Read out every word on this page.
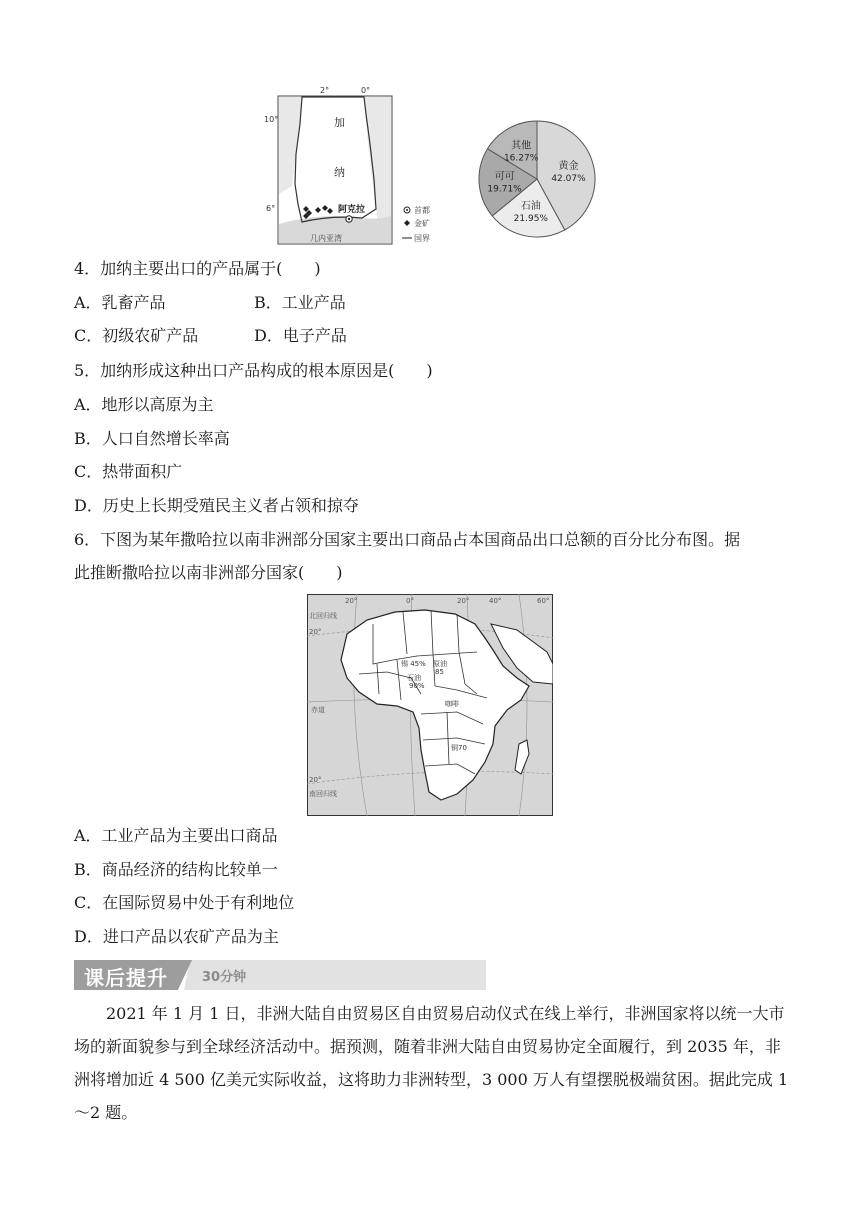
2°	0°
10°
6°
加
纳
阿克拉
几内亚湾
首都
金矿
国界
黄金
42.07%
石油
21.95%
可可
19.71%
其他
16.27%
4．加纳主要出口的产品属于(　　)
A．乳畜产品	B．工业产品
C．初级农矿产品	D．电子产品
5．加纳形成这种出口产品构成的根本原因是(　　)
A．地形以高原为主
B．人口自然增长率高
C．热带面积广
D．历史上长期受殖民主义者占领和掠夺
6．下图为某年撒哈拉以南非洲部分国家主要出口商品占本国商品出口总额的百分比分布图。据
此推断撒哈拉以南非洲部分国家(　　)
20°	0°	20°	40°	60°
北回归线
20°
赤道
20°
南回归线
锡 45% 原油
85
石油
90%
咖啡
铜70
A．工业产品为主要出口商品
B．商品经济的结构比较单一
C．在国际贸易中处于有利地位
D．进口产品以农矿产品为主
课后提升	30分钟
2021 年 1 月 1 日，非洲大陆自由贸易区自由贸易启动仪式在线上举行，非洲国家将以统一大市场的新面貌参与到全球经济活动中。据预测，随着非洲大陆自由贸易协定全面履行，到 2035 年，非洲将增加近 4 500 亿美元实际收益，这将助力非洲转型，3 000 万人有望摆脱极端贫困。据此完成 1～2 题。
